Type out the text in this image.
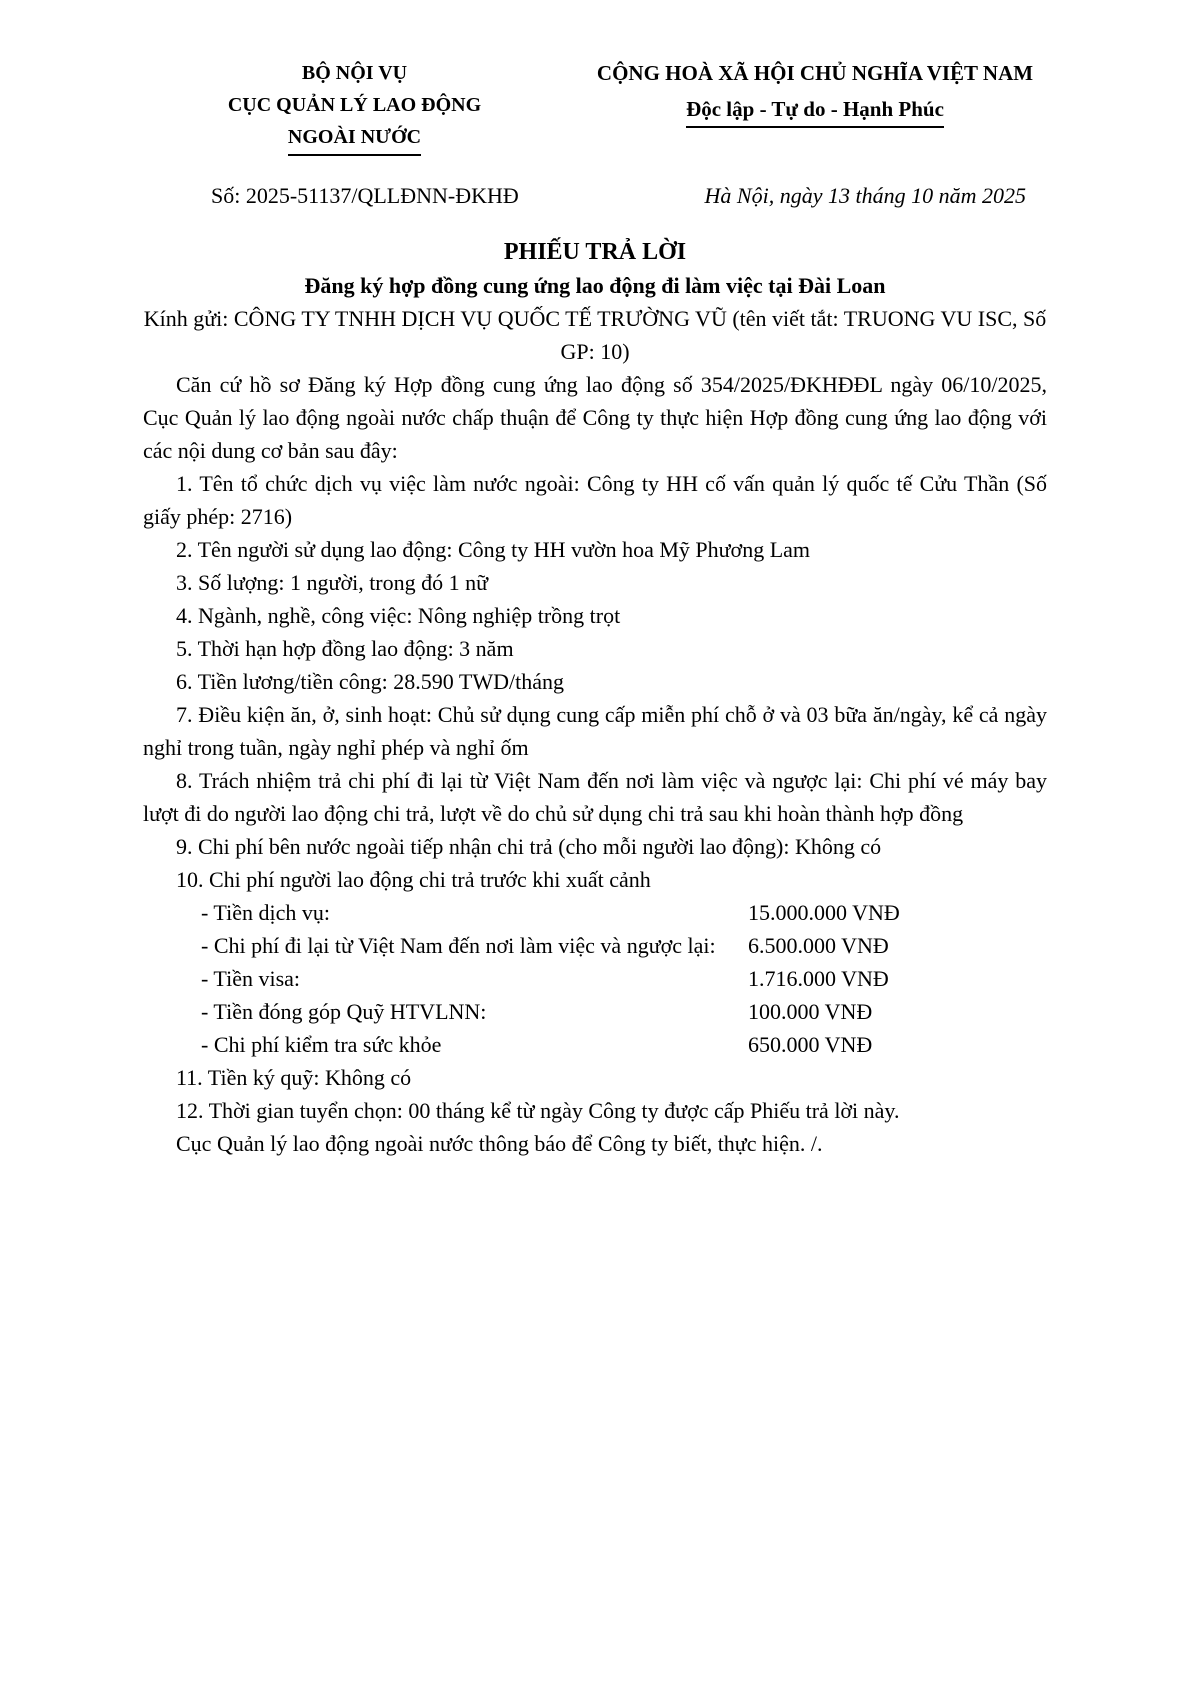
BỘ NỘI VỤ
CỤC QUẢN LÝ LAO ĐỘNG
NGOÀI NƯỚC
CỘNG HOÀ XÃ HỘI CHỦ NGHĨA VIỆT NAM
Độc lập - Tự do - Hạnh Phúc
Số: 2025-51137/QLLĐNN-ĐKHĐ	Hà Nội, ngày 13 tháng 10 năm 2025
PHIẾU TRẢ LỜI
Đăng ký hợp đồng cung ứng lao động đi làm việc tại Đài Loan
Kính gửi: CÔNG TY TNHH DỊCH VỤ QUỐC TẾ TRƯỜNG VŨ (tên viết tắt: TRUONG VU ISC, Số GP: 10)

Căn cứ hồ sơ Đăng ký Hợp đồng cung ứng lao động số 354/2025/ĐKHĐĐL ngày 06/10/2025, Cục Quản lý lao động ngoài nước chấp thuận để Công ty thực hiện Hợp đồng cung ứng lao động với các nội dung cơ bản sau đây:

1. Tên tổ chức dịch vụ việc làm nước ngoài: Công ty HH cố vấn quản lý quốc tế Cửu Thần (Số giấy phép: 2716)

2. Tên người sử dụng lao động: Công ty HH vườn hoa Mỹ Phương Lam

3. Số lượng: 1 người, trong đó 1 nữ

4. Ngành, nghề, công việc: Nông nghiệp trồng trọt

5. Thời hạn hợp đồng lao động: 3 năm

6. Tiền lương/tiền công: 28.590 TWD/tháng

7. Điều kiện ăn, ở, sinh hoạt: Chủ sử dụng cung cấp miễn phí chỗ ở và 03 bữa ăn/ngày, kể cả ngày nghỉ trong tuần, ngày nghỉ phép và nghỉ ốm

8. Trách nhiệm trả chi phí đi lại từ Việt Nam đến nơi làm việc và ngược lại: Chi phí vé máy bay lượt đi do người lao động chi trả, lượt về do chủ sử dụng chi trả sau khi hoàn thành hợp đồng

9. Chi phí bên nước ngoài tiếp nhận chi trả (cho mỗi người lao động): Không có

10. Chi phí người lao động chi trả trước khi xuất cảnh

- Tiền dịch vụ:	15.000.000 VNĐ
- Chi phí đi lại từ Việt Nam đến nơi làm việc và ngược lại: 6.500.000 VNĐ
- Tiền visa:	1.716.000 VNĐ
- Tiền đóng góp Quỹ HTVLNN:	100.000 VNĐ
- Chi phí kiểm tra sức khỏe	650.000 VNĐ

11. Tiền ký quỹ: Không có

12. Thời gian tuyển chọn: 00 tháng kể từ ngày Công ty được cấp Phiếu trả lời này.

Cục Quản lý lao động ngoài nước thông báo để Công ty biết, thực hiện. /.
